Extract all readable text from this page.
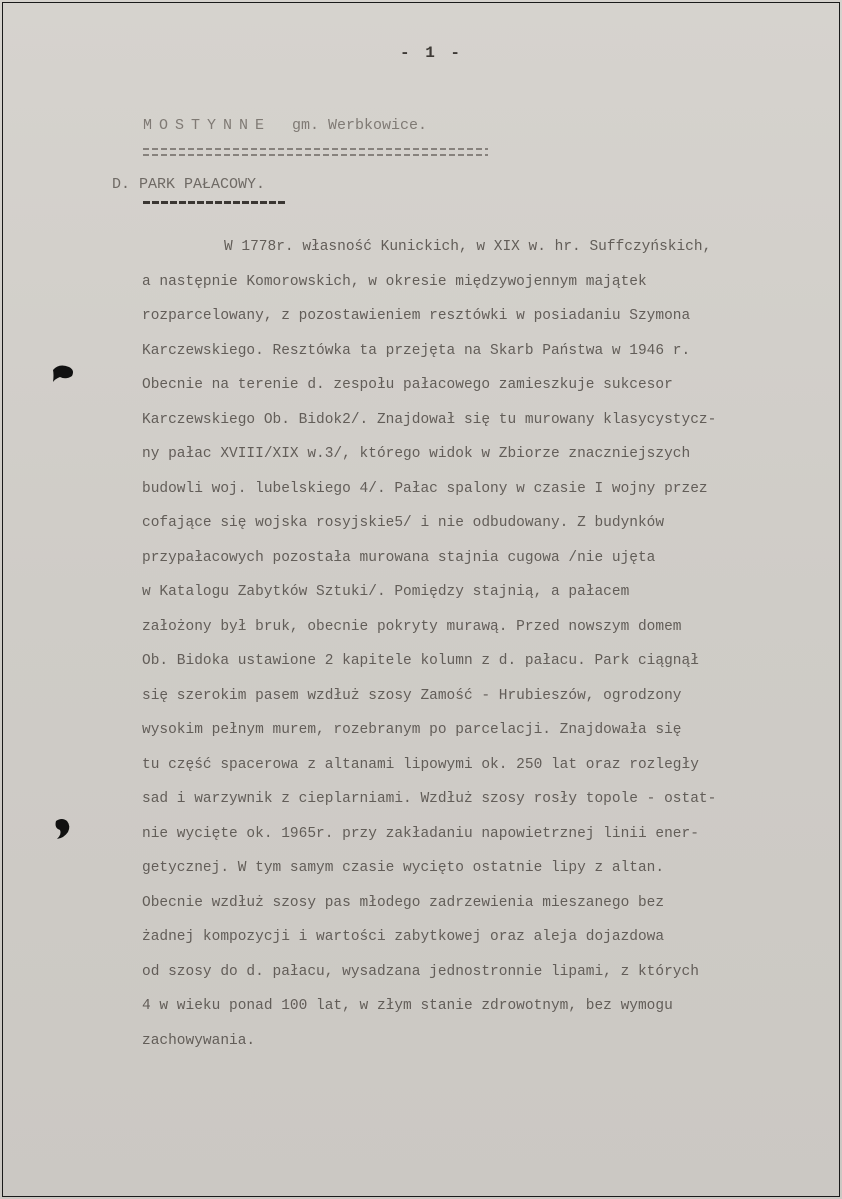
- 1 -
MOSTYNNE gm. Werbkowice.
D. PARK PAŁACOWY.
W 1778r. własność Kunickich, w XIX w. hr. Suffczyńskich,
a następnie Komorowskich, w okresie międzywojennym majątek
rozparcelowany, z pozostawieniem resztówki w posiadaniu Szymona
Karczewskiego. Resztówka ta przejęta na Skarb Państwa w 1946 r.
Obecnie na terenie d. zespołu pałacowego zamieszkuje sukcesor
Karczewskiego Ob. Bidok2/. Znajdował się tu murowany klasycystycz-
ny pałac XVIII/XIX w.3/, którego widok w Zbiorze znaczniejszych
budowli woj. lubelskiego 4/. Pałac spalony w czasie I wojny przez
cofające się wojska rosyjskie5/ i nie odbudowany. Z budynków
przypałacowych pozostała murowana stajnia cugowa /nie ujęta
w Katalogu Zabytków Sztuki/. Pomiędzy stajnią, a pałacem
założony był bruk, obecnie pokryty murawą. Przed nowszym domem
Ob. Bidoka ustawione 2 kapitele kolumn z d. pałacu. Park ciągnął
się szerokim pasem wzdłuż szosy Zamość - Hrubieszów, ogrodzony
wysokim pełnym murem, rozebranym po parcelacji. Znajdowała się
tu część spacerowa z altanami lipowymi ok. 250 lat oraz rozległy
sad i warzywnik z cieplarniami. Wzdłuż szosy rosły topole - ostat-
nie wycięte ok. 1965r. przy zakładaniu napowietrznej linii ener-
getycznej. W tym samym czasie wycięto ostatnie lipy z altan.
Obecnie wzdłuż szosy pas młodego zadrzewienia mieszanego bez
żadnej kompozycji i wartości zabytkowej oraz aleja dojazdowa
od szosy do d. pałacu, wysadzana jednostronnie lipami, z których
4 w wieku ponad 100 lat, w złym stanie zdrowotnym, bez wymogu
zachowywania.
